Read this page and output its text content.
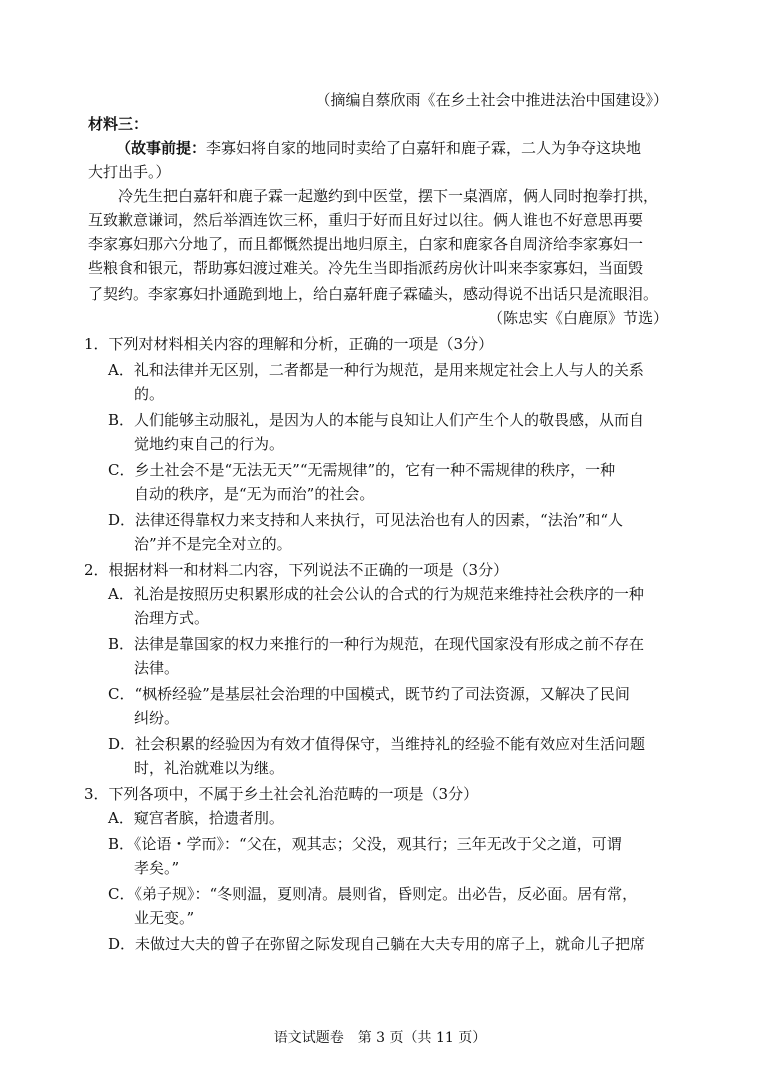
（摘编自蔡欣雨《在乡土社会中推进法治中国建设》）
材料三：
（故事前提：李寡妇将自家的地同时卖给了白嘉轩和鹿子霖，二人为争夺这块地
大打出手。）
冷先生把白嘉轩和鹿子霖一起邀约到中医堂，摆下一桌酒席，俩人同时抱拳打拱，
互致歉意谦词，然后举酒连饮三杯，重归于好而且好过以往。俩人谁也不好意思再要
李家寡妇那六分地了，而且都慨然提出地归原主，白家和鹿家各自周济给李家寡妇一
些粮食和银元，帮助寡妇渡过难关。冷先生当即指派药房伙计叫来李家寡妇，当面毁
了契约。李家寡妇扑通跪到地上，给白嘉轩鹿子霖磕头，感动得说不出话只是流眼泪。
（陈忠实《白鹿原》节选）
1．下列对材料相关内容的理解和分析，正确的一项是（3分）
A．礼和法律并无区别，二者都是一种行为规范，是用来规定社会上人与人的关系
的。
B．人们能够主动服礼，是因为人的本能与良知让人们产生个人的敬畏感，从而自
觉地约束自己的行为。
C．乡土社会不是“无法无天”“无需规律”的，它有一种不需规律的秩序，一种
自动的秩序，是“无为而治”的社会。
D．法律还得靠权力来支持和人来执行，可见法治也有人的因素，“法治”和“人
治”并不是完全对立的。
2．根据材料一和材料二内容，下列说法不正确的一项是（3分）
A．礼治是按照历史积累形成的社会公认的合式的行为规范来维持社会秩序的一种
治理方式。
B．法律是靠国家的权力来推行的一种行为规范，在现代国家没有形成之前不存在
法律。
C．“枫桥经验”是基层社会治理的中国模式，既节约了司法资源，又解决了民间
纠纷。
D．社会积累的经验因为有效才值得保守，当维持礼的经验不能有效应对生活问题
时，礼治就难以为继。
3．下列各项中，不属于乡土社会礼治范畴的一项是（3分）
A．窥宫者膑，拾遗者刖。
B．《论语・学而》：“父在，观其志；父没，观其行；三年无改于父之道，可谓
孝矣。”
C．《弟子规》：“冬则温，夏则凊。晨则省，昏则定。出必告，反必面。居有常，
业无变。”
D．未做过大夫的曾子在弥留之际发现自己躺在大夫专用的席子上，就命儿子把席
语文试题卷　第 3 页（共 11 页）
